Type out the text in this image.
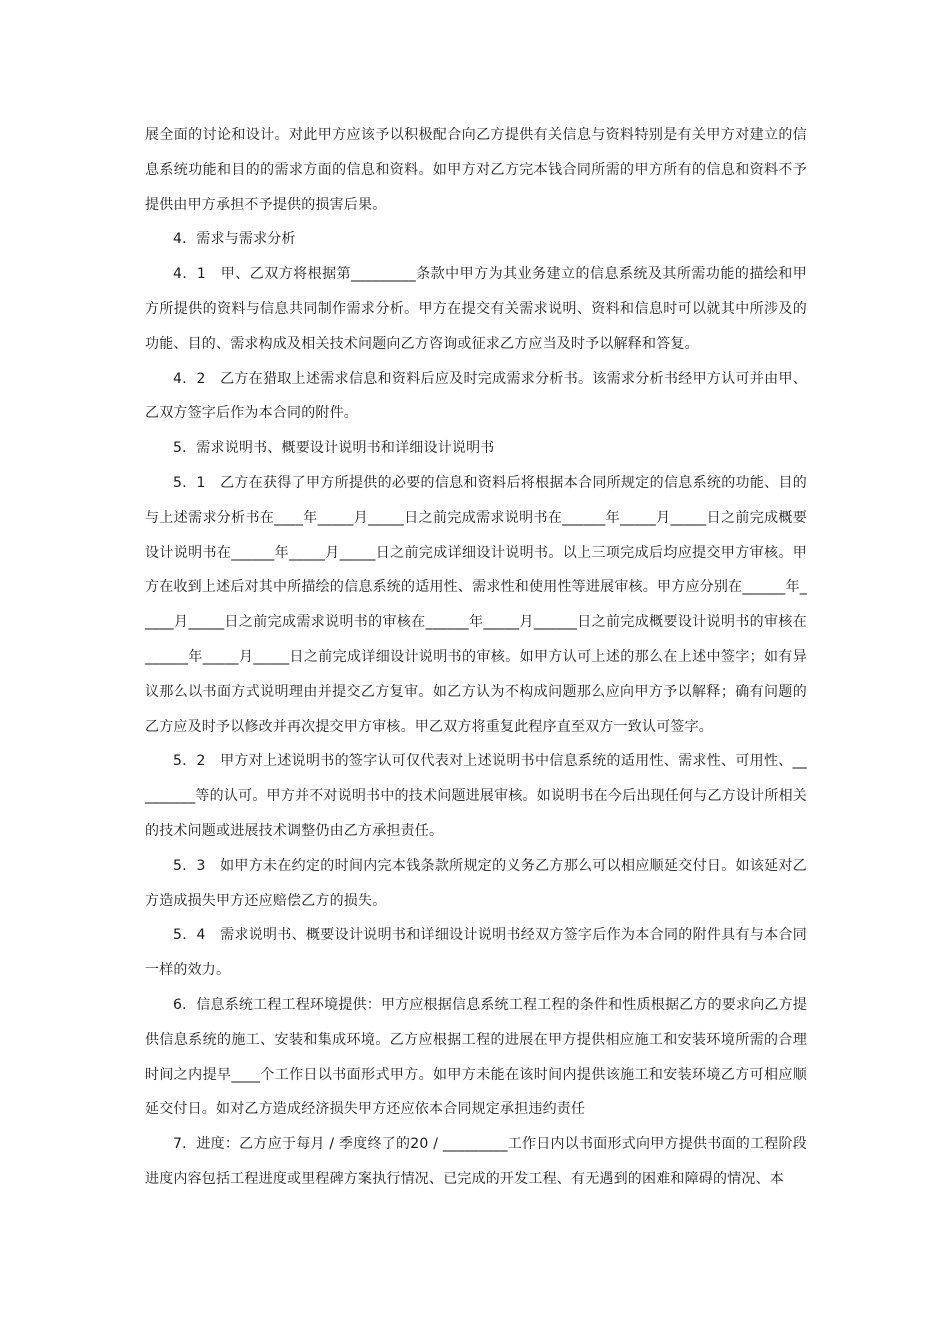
展全面的讨论和设计。对此甲方应该予以积极配合向乙方提供有关信息与资料特别是有关甲方对建立的信息系统功能和目的的需求方面的信息和资料。如甲方对乙方完本钱合同所需的甲方所有的信息和资料不予提供由甲方承担不予提供的损害后果。

4．需求与需求分析

4．1　甲、乙双方将根据第_________条款中甲方为其业务建立的信息系统及其所需功能的描绘和甲方所提供的资料与信息共同制作需求分析。甲方在提交有关需求说明、资料和信息时可以就其中所涉及的功能、目的、需求构成及相关技术问题向乙方咨询或征求乙方应当及时予以解释和答复。

4．2　乙方在猎取上述需求信息和资料后应及时完成需求分析书。该需求分析书经甲方认可并由甲、乙双方签字后作为本合同的附件。

5．需求说明书、概要设计说明书和详细设计说明书

5．1　乙方在获得了甲方所提供的必要的信息和资料后将根据本合同所规定的信息系统的功能、目的与上述需求分析书在____年_____月_____日之前完成需求说明书在______年_____月_____日之前完成概要设计说明书在______年_____月_____日之前完成详细设计说明书。以上三项完成后均应提交甲方审核。甲方在收到上述后对其中所描绘的信息系统的适用性、需求性和使用性等进展审核。甲方应分别在______年_____月_____日之前完成需求说明书的审核在______年_____月______日之前完成概要设计说明书的审核在______年_____月_____日之前完成详细设计说明书的审核。如甲方认可上述的那么在上述中签字；如有异议那么以书面方式说明理由并提交乙方复审。如乙方认为不构成问题那么应向甲方予以解释；确有问题的乙方应及时予以修改并再次提交甲方审核。甲乙双方将重复此程序直至双方一致认可签字。

5．2　甲方对上述说明书的签字认可仅代表对上述说明书中信息系统的适用性、需求性、可用性、_________等的认可。甲方并不对说明书中的技术问题进展审核。如说明书在今后出现任何与乙方设计所相关的技术问题或进展技术调整仍由乙方承担责任。

5．3　如甲方未在约定的时间内完本钱条款所规定的义务乙方那么可以相应顺延交付日。如该延对乙方造成损失甲方还应赔偿乙方的损失。

5．4　需求说明书、概要设计说明书和详细设计说明书经双方签字后作为本合同的附件具有与本合同一样的效力。

6．信息系统工程工程环境提供：甲方应根据信息系统工程工程的条件和性质根据乙方的要求向乙方提供信息系统的施工、安装和集成环境。乙方应根据工程的进展在甲方提供相应施工和安装环境所需的合理时间之内提早____个工作日以书面形式甲方。如甲方未能在该时间内提供该施工和安装环境乙方可相应顺延交付日。如对乙方造成经济损失甲方还应依本合同规定承担违约责任

7．进度：乙方应于每月 / 季度终了的20 / _________工作日内以书面形式向甲方提供书面的工程阶段进度内容包括工程进度或里程碑方案执行情况、已完成的开发工程、有无遇到的困难和障碍的情况、本
